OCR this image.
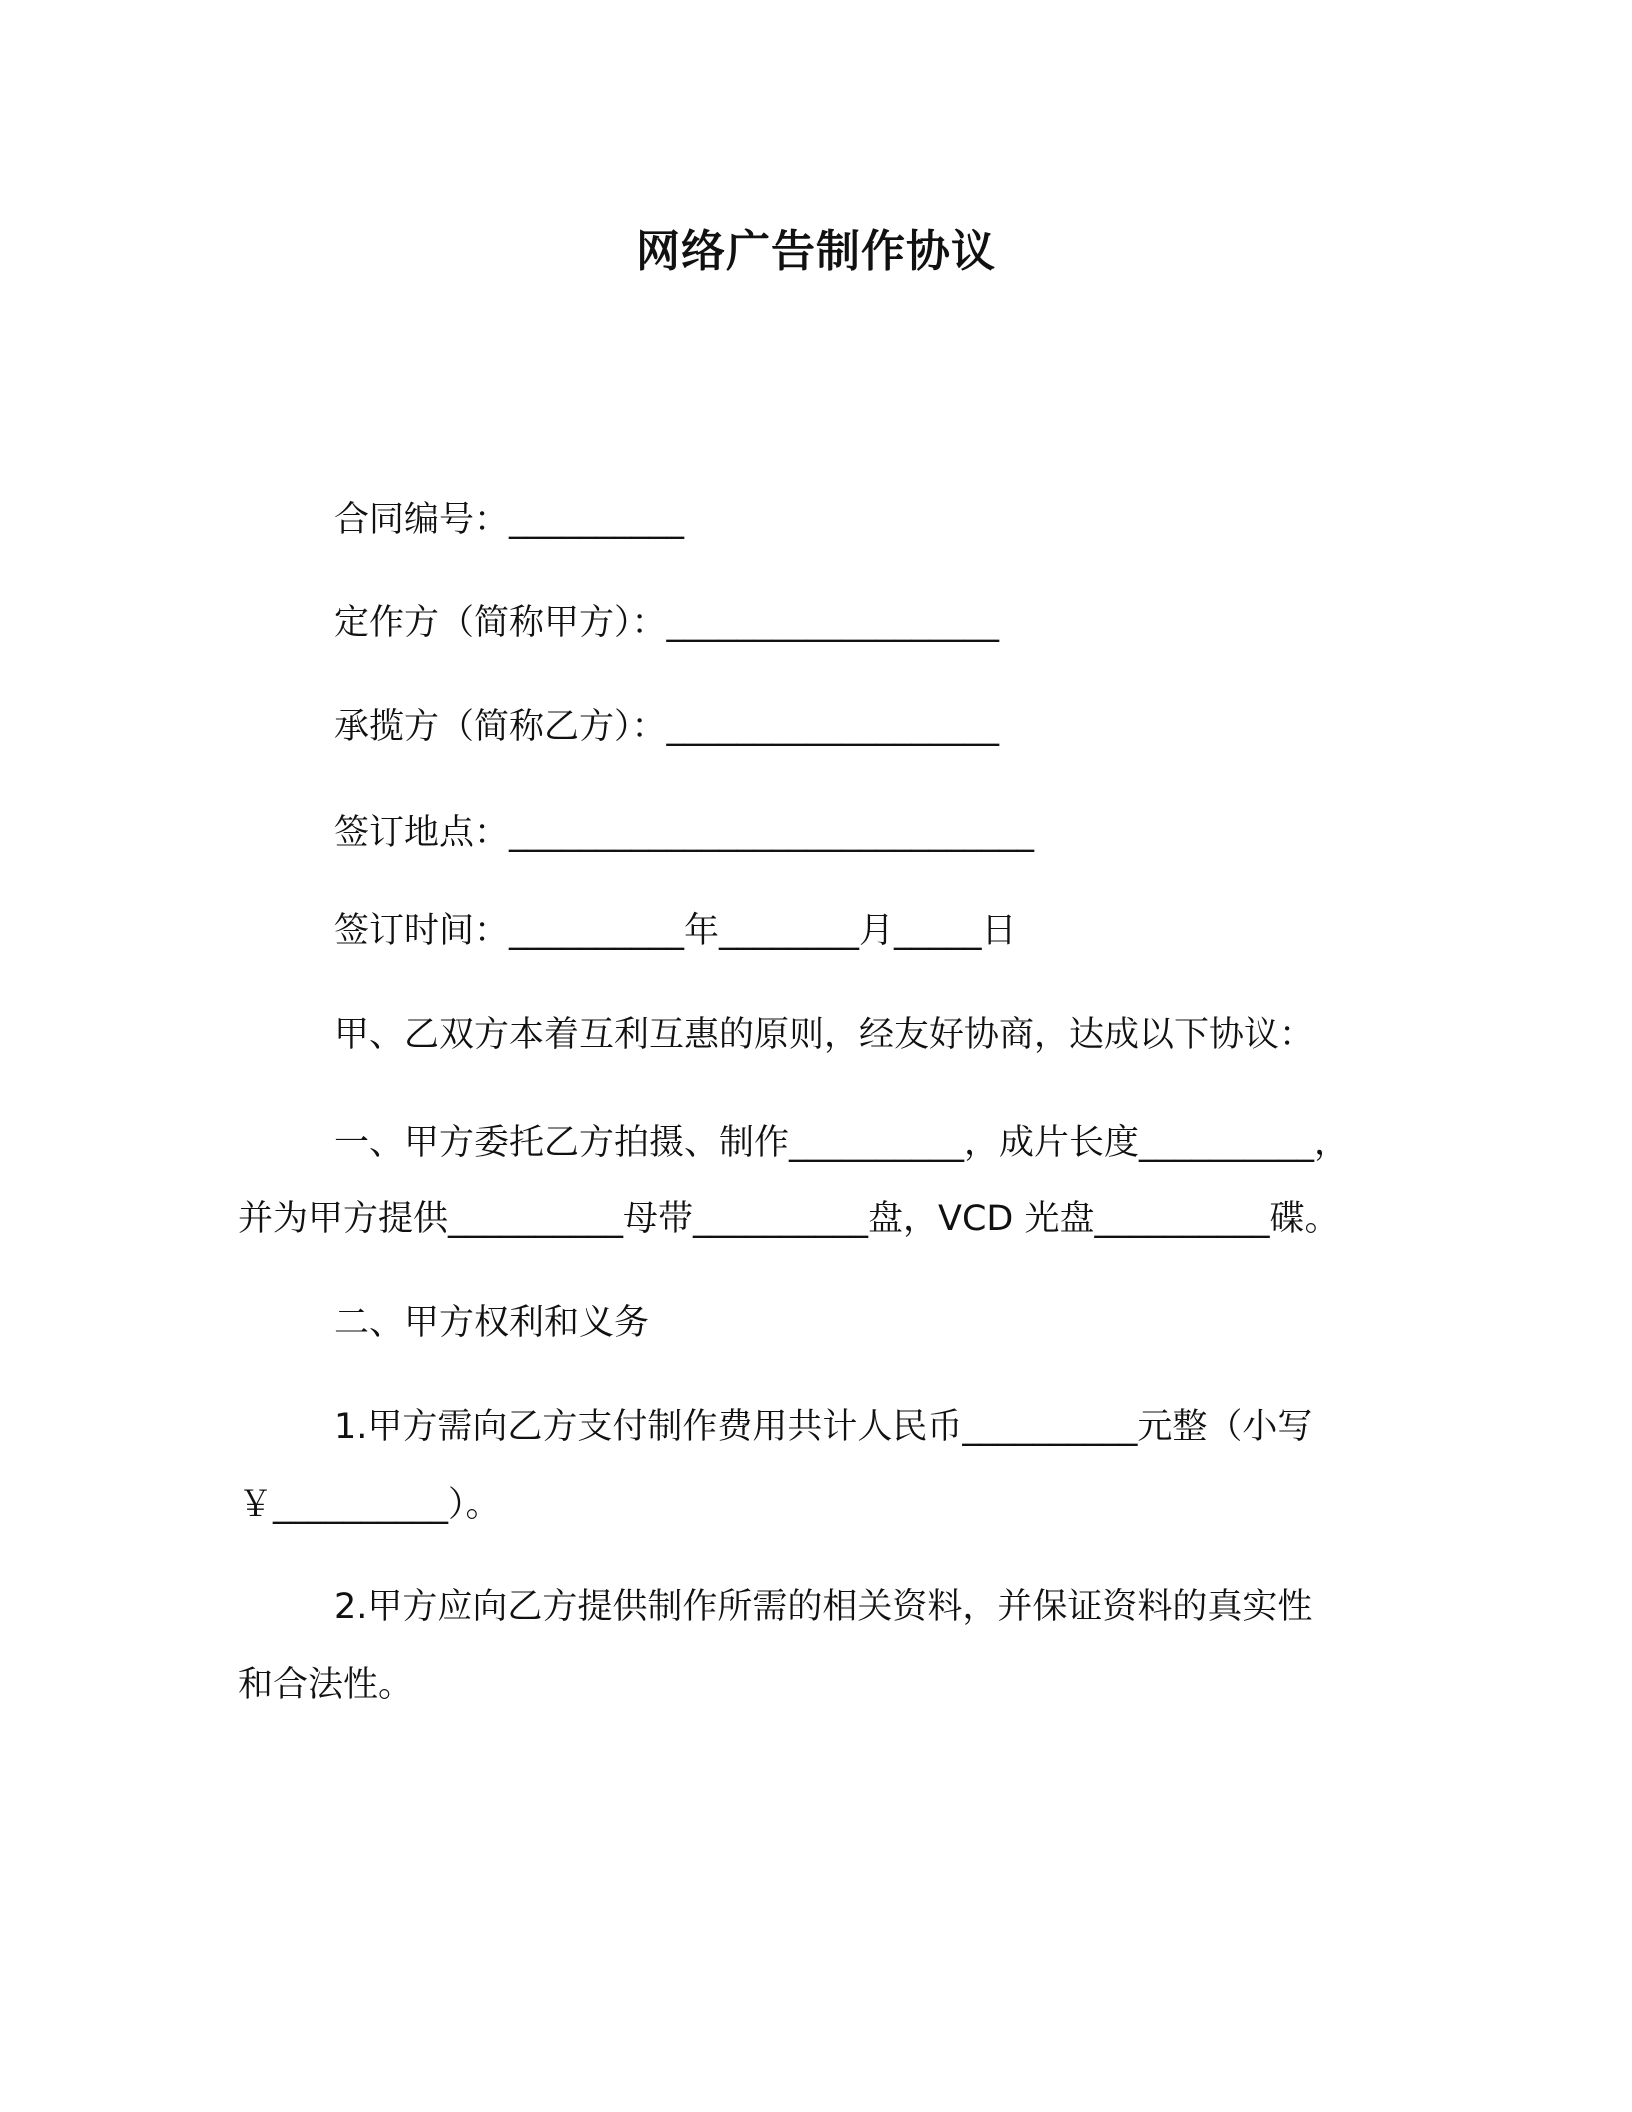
网络广告制作协议
合同编号：__________
定作方（简称甲方）：___________________
承揽方（简称乙方）：___________________
签订地点：______________________________
签订时间：__________年________月_____日
甲、乙双方本着互利互惠的原则，经友好协商，达成以下协议：
一、甲方委托乙方拍摄、制作__________，成片长度__________，
并为甲方提供__________母带__________盘，VCD 光盘__________碟。
二、甲方权利和义务
1.甲方需向乙方支付制作费用共计人民币__________元整（小写
￥__________）。
2.甲方应向乙方提供制作所需的相关资料，并保证资料的真实性
和合法性。
